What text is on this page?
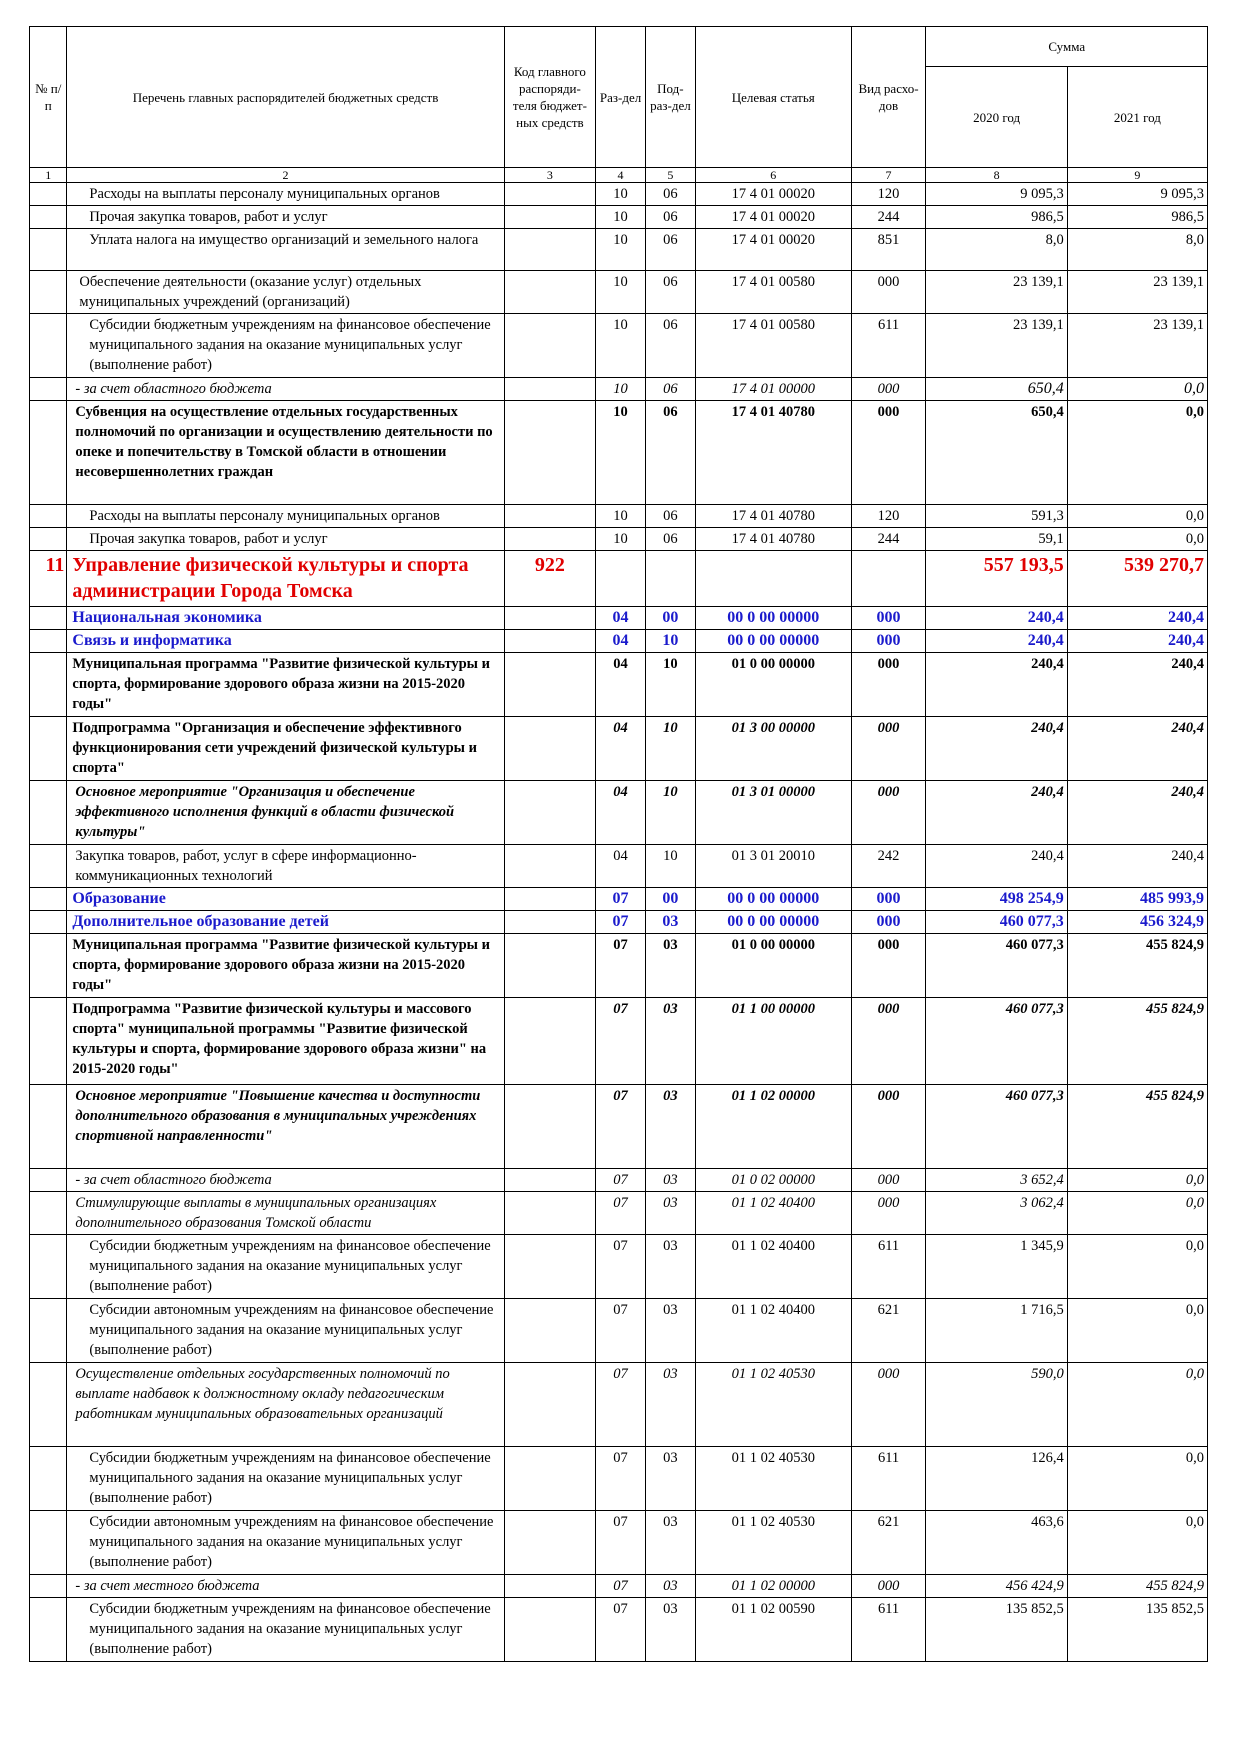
№ п/п	Перечень главных распорядителей бюджетных средств	Код главного распоряди-теля бюджет-ных средств	Раз-дел	Под-раз-дел	Целевая статья	Вид расхо-дов	Сумма	
							2020 год	2021 год
1	2	3	4	5	6	7	8	9
	Расходы на выплаты персоналу муниципальных органов		10	06	17 4 01 00020	120	9 095,3	9 095,3
	Прочая закупка товаров, работ и услуг		10	06	17 4 01 00020	244	986,5	986,5
	Уплата налога на имущество организаций и земельного налога		10	06	17 4 01 00020	851	8,0	8,0
	Обеспечение деятельности (оказание услуг) отдельных муниципальных учреждений (организаций)		10	06	17 4 01 00580	000	23 139,1	23 139,1
	Субсидии бюджетным учреждениям на финансовое обеспечение муниципального задания на оказание муниципальных услуг (выполнение работ)		10	06	17 4 01 00580	611	23 139,1	23 139,1
	- за счет областного бюджета		10	06	17 4 01 00000	000	650,4	0,0
	Субвенция на осуществление отдельных государственных полномочий по организации и осуществлению деятельности по опеке и попечительству в Томской области в отношении несовершеннолетних граждан		10	06	17 4 01 40780	000	650,4	0,0
	Расходы на выплаты персоналу муниципальных органов		10	06	17 4 01 40780	120	591,3	0,0
	Прочая закупка товаров, работ и услуг		10	06	17 4 01 40780	244	59,1	0,0
11	Управление физической культуры и спорта администрации Города Томска	922					557 193,5	539 270,7
	Национальная экономика		04	00	00 0 00 00000	000	240,4	240,4
	Связь и информатика		04	10	00 0 00 00000	000	240,4	240,4
	Муниципальная программа "Развитие физической культуры и спорта, формирование здорового образа жизни на 2015-2020 годы"		04	10	01 0 00 00000	000	240,4	240,4
	Подпрограмма "Организация и обеспечение эффективного функционирования сети учреждений физической культуры и спорта"		04	10	01 3 00 00000	000	240,4	240,4
	Основное мероприятие "Организация и обеспечение эффективного исполнения функций в области физической культуры"		04	10	01 3 01 00000	000	240,4	240,4
	Закупка товаров, работ, услуг в сфере информационно-коммуникационных технологий		04	10	01 3 01 20010	242	240,4	240,4
	Образование		07	00	00 0 00 00000	000	498 254,9	485 993,9
	Дополнительное образование детей		07	03	00 0 00 00000	000	460 077,3	456 324,9
	Муниципальная программа "Развитие физической культуры и спорта, формирование здорового образа жизни на 2015-2020 годы"		07	03	01 0 00 00000	000	460 077,3	455 824,9
	Подпрограмма "Развитие физической культуры и массового спорта" муниципальной программы "Развитие физической культуры и спорта, формирование здорового образа жизни" на 2015-2020 годы"		07	03	01 1 00 00000	000	460 077,3	455 824,9
	Основное мероприятие "Повышение качества и доступности дополнительного образования в муниципальных учреждениях спортивной направленности"		07	03	01 1 02 00000	000	460 077,3	455 824,9
	- за счет областного бюджета		07	03	01 0 02 00000	000	3 652,4	0,0
	Стимулирующие выплаты в муниципальных организациях дополнительного образования Томской области		07	03	01 1 02 40400	000	3 062,4	0,0
	Субсидии бюджетным учреждениям на финансовое обеспечение муниципального задания на оказание муниципальных услуг (выполнение работ)		07	03	01 1 02 40400	611	1 345,9	0,0
	Субсидии автономным учреждениям на финансовое обеспечение муниципального задания на оказание муниципальных услуг (выполнение работ)		07	03	01 1 02 40400	621	1 716,5	0,0
	Осуществление отдельных государственных полномочий по выплате надбавок к должностному окладу педагогическим работникам муниципальных образовательных организаций		07	03	01 1 02 40530	000	590,0	0,0
	Субсидии бюджетным учреждениям на финансовое обеспечение муниципального задания на оказание муниципальных услуг (выполнение работ)		07	03	01 1 02 40530	611	126,4	0,0
	Субсидии автономным учреждениям на финансовое обеспечение муниципального задания на оказание муниципальных услуг (выполнение работ)		07	03	01 1 02 40530	621	463,6	0,0
	- за счет местного бюджета		07	03	01 1 02 00000	000	456 424,9	455 824,9
	Субсидии бюджетным учреждениям на финансовое обеспечение муниципального задания на оказание муниципальных услуг (выполнение работ)		07	03	01 1 02 00590	611	135 852,5	135 852,5
